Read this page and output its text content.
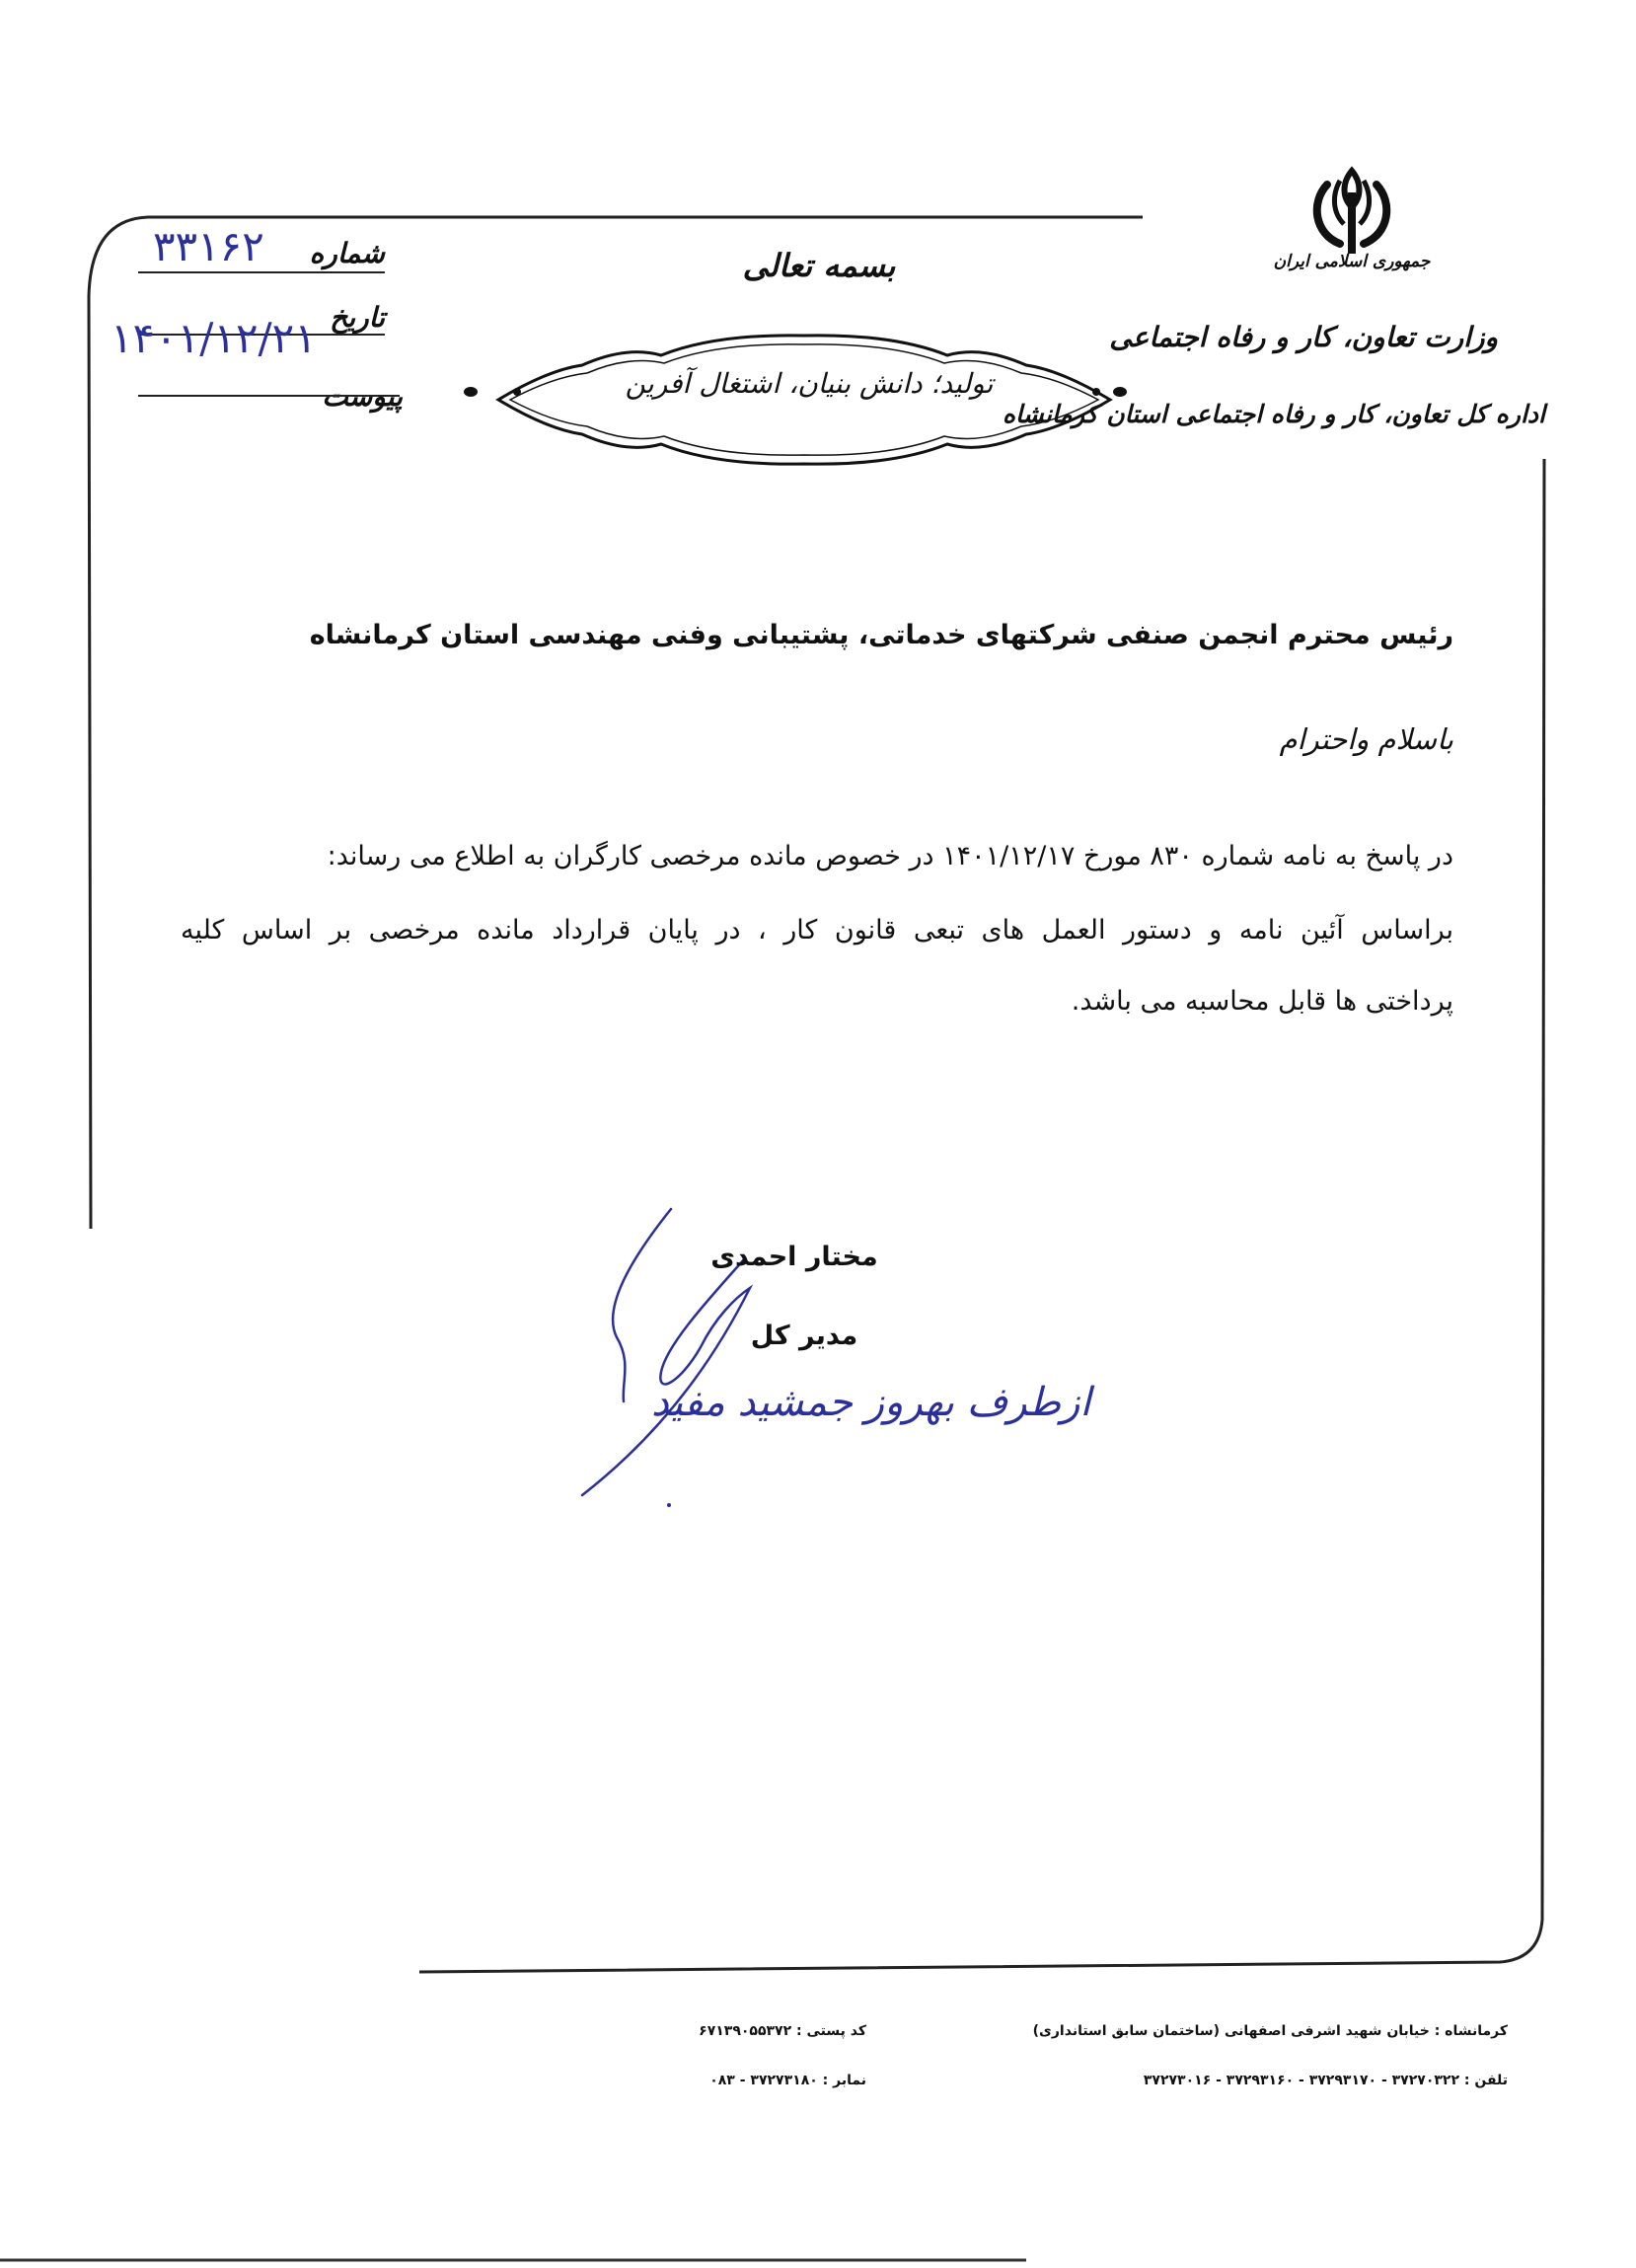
جمهوری اسلامی ایران
وزارت تعاون، کار و رفاه اجتماعی
اداره کل تعاون، کار و رفاه اجتماعی استان کرمانشاه
بسمه تعالی
تولید؛ دانش بنیان، اشتغال آفرین
شماره
۳۳۱۶۲
تاریخ
۱۴۰۱/۱۲/۲۱
پیوست
رئیس محترم انجمن صنفی شرکتهای خدماتی، پشتیبانی وفنی مهندسی استان کرمانشاه
باسلام واحترام
در پاسخ به نامه شماره ۸۳۰ مورخ ۱۴۰۱/۱۲/۱۷ در خصوص مانده مرخصی کارگران به اطلاع می رساند:

براساس آئین نامه و دستور العمل های تبعی قانون کار ، در پایان قرارداد مانده مرخصی بر اساس کلیه

پرداختی ها قابل محاسبه می باشد.

مختار احمدی
مدیر کل
ازطرف بهروز جمشید مفید
کرمانشاه : خیابان شهید اشرفی اصفهانی (ساختمان سابق استانداری)
تلفن : ۳۷۲۷۰۳۲۲ - ۳۷۲۹۳۱۷۰ - ۳۷۲۹۳۱۶۰ - ۳۷۲۷۳۰۱۶
کد پستی : ۶۷۱۳۹۰۵۵۳۷۲
نمابر : ۳۷۲۷۳۱۸۰ - ۰۸۳
